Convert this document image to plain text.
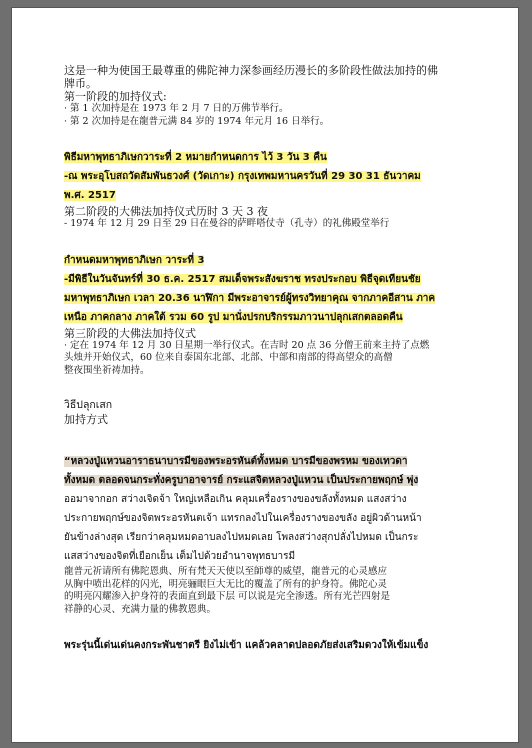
这是一种为使国王最尊重的佛陀神力深参画经历漫长的多阶段性做法加持的佛

牌币。

第一阶段的加持仪式:

· 第 1 次加持是在 1973 年 2 月 7 日的万佛节举行。

· 第 2 次加持是在龍普元满 84 岁的 1974 年元月 16 日举行。

พิธีมหาพุทธาภิเษกวาระที่ 2 หมายกำหนดการ ไว้ 3 วัน 3 คืน
-ณ พระอุโบสถวัดสัมพันธวงศ์ (วัดเกาะ) กรุงเทพมหานครวันที่ 29 30 31 ธันวาคม
พ.ศ. 2517

第二阶段的大佛法加持仪式历时 3 天 3 夜

- 1974 年 12 月 29 日至 29 日在曼谷的萨畔嗒仗寺（孔寺）的礼佛殿堂举行

กำหนดมหาพุทธาภิเษก วาระที่ 3
-มีพิธีในวันจันทร์ที่ 30 ธ.ค. 2517 สมเด็จพระสังฆราช ทรงประกอบ พิธีจุดเทียนชัย
มหาพุทธาภิเษก เวลา 20.36 นาฬิกา มีพระอาจารย์ผู้ทรงวิทยาคุณ จากภาคอีสาน ภาค
เหนือ ภาคกลาง ภาคใต้ รวม 60 รูป มานั่งปรกบริกรรมภาวนาปลุกเสกตลอดคืน

第三阶段的大佛法加持仪式

· 定在 1974 年 12 月 30 日星期一举行仪式。在吉时 20 点 36 分僧王前来主持了点燃

头烛并开始仪式，60 位来自泰国东北部、北部、中部和南部的得高望众的高僧

整夜围坐祈祷加持。

วิธีปลุกเสก

加持方式

“หลวงปู่แหวนอาราธนาบารมีของพระอรหันต์ทั้งหมด บารมีของพรหม ของเทวดา
ทั้งหมด ตลอดจนกระทั่งครูบาอาจารย์ กระแสจิตหลวงปู่แหวน เป็นประกายพฤกษ์ พุ่ง
ออมาจากอก สว่างเจิดจ้า ใหญ่เหลือเกิน คลุมเครื่องรางของขลังทั้งหมด แสงสว่าง
ประกายพฤกษ์ของจิตพระอรหันตเจ้า แทรกลงไปในเครื่องรางของขลัง อยู่ผิวด้านหน้า
ยันข้างล่างสุด เรียกว่าคลุมหมดอาบลงไปหมดเลย โพลงสว่างสุกปลั่งไปหมด เป็นกระ
แสสว่างของจิตที่เยือกเย็น เต็มไปด้วยอำนาจพุทธบารมี

龍普元祈请所有佛陀恩典、所有梵天天使以至師尊的威望，龍普元的心灵感应

从胸中喷出花样的闪光，明亮骊眼巨大无比的覆盖了所有的护身符。佛陀心灵

的明亮闪耀渗入护身符的表面直到最下层 可以说是完全渗透。所有光芒四射是

祥静的心灵、充满力量的佛教恩典。

พระรุ่นนี้เด่นเด่นคงกระพันชาตรี ยิงไม่เข้า แคล้วคลาดปลอดภัยส่งเสริมดวงให้เข้มแข็ง
